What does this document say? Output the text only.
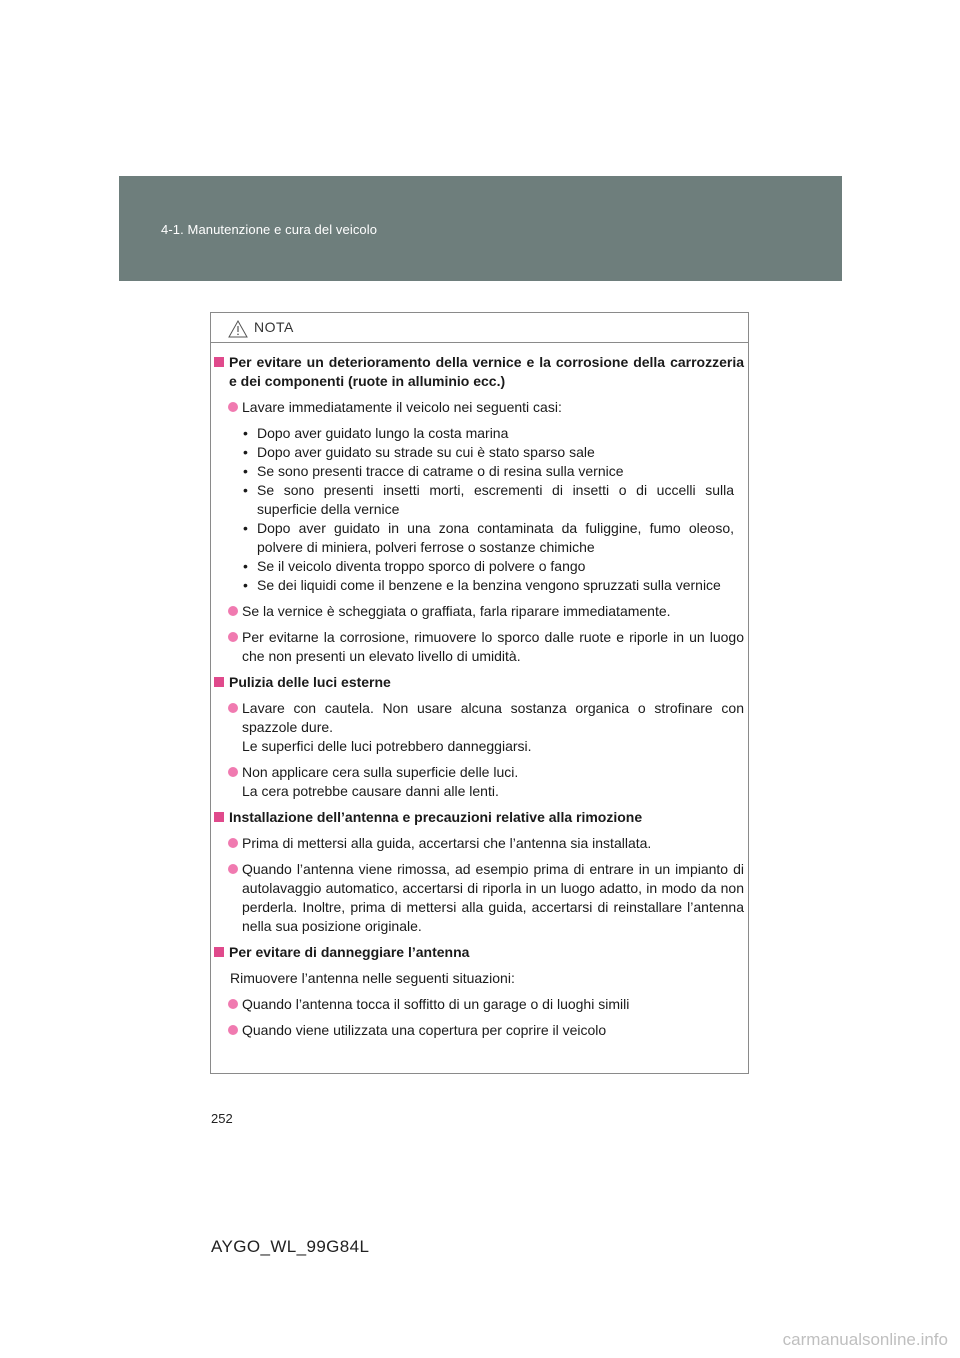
4-1. Manutenzione e cura del veicolo
NOTA
Per evitare un deterioramento della vernice e la corrosione della carrozzeria e dei componenti (ruote in alluminio ecc.)
Lavare immediatamente il veicolo nei seguenti casi:
• Dopo aver guidato lungo la costa marina
• Dopo aver guidato su strade su cui è stato sparso sale
• Se sono presenti tracce di catrame o di resina sulla vernice
• Se sono presenti insetti morti, escrementi di insetti o di uccelli sulla superficie della vernice
• Dopo aver guidato in una zona contaminata da fuliggine, fumo oleoso, polvere di miniera, polveri ferrose o sostanze chimiche
• Se il veicolo diventa troppo sporco di polvere o fango
• Se dei liquidi come il benzene e la benzina vengono spruzzati sulla vernice
Se la vernice è scheggiata o graffiata, farla riparare immediatamente.
Per evitarne la corrosione, rimuovere lo sporco dalle ruote e riporle in un luogo che non presenti un elevato livello di umidità.
Pulizia delle luci esterne
Lavare con cautela. Non usare alcuna sostanza organica o strofinare con spazzole dure.
Le superfici delle luci potrebbero danneggiarsi.
Non applicare cera sulla superficie delle luci.
La cera potrebbe causare danni alle lenti.
Installazione dell’antenna e precauzioni relative alla rimozione
Prima di mettersi alla guida, accertarsi che l’antenna sia installata.
Quando l’antenna viene rimossa, ad esempio prima di entrare in un impianto di autolavaggio automatico, accertarsi di riporla in un luogo adatto, in modo da non perderla. Inoltre, prima di mettersi alla guida, accertarsi di reinstallare l’antenna nella sua posizione originale.
Per evitare di danneggiare l’antenna
Rimuovere l’antenna nelle seguenti situazioni:
Quando l’antenna tocca il soffitto di un garage o di luoghi simili
Quando viene utilizzata una copertura per coprire il veicolo
252
AYGO_WL_99G84L
carmanualsonline.info
